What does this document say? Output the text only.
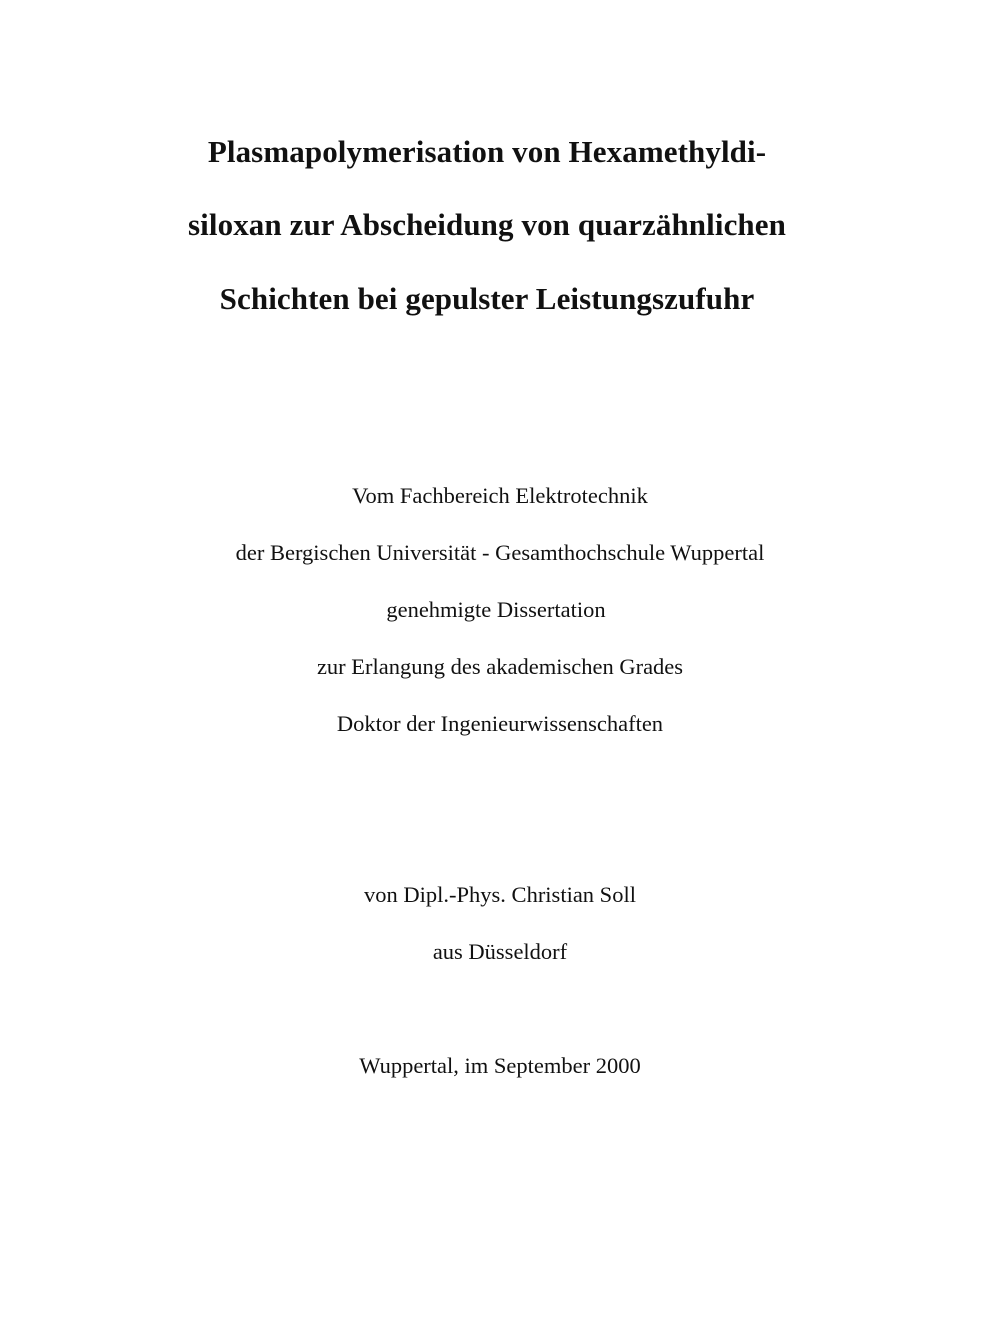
Plasmapolymerisation von Hexamethyldi-
siloxan zur Abscheidung von quarzähnlichen
Schichten bei gepulster Leistungszufuhr
Vom Fachbereich Elektrotechnik
der Bergischen Universität - Gesamthochschule Wuppertal
genehmigte Dissertation
zur Erlangung des akademischen Grades
Doktor der Ingenieurwissenschaften
von Dipl.-Phys. Christian Soll
aus Düsseldorf
Wuppertal, im September 2000
